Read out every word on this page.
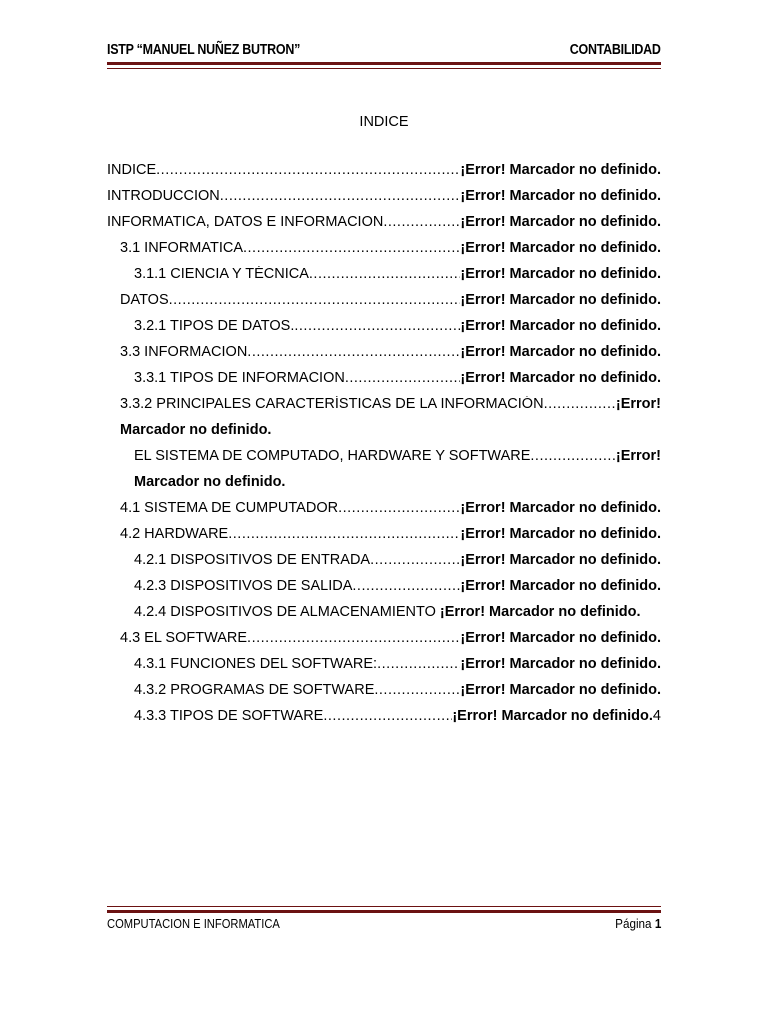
ISTP “MANUEL NUÑEZ BUTRON”	CONTABILIDAD
INDICE
INDICE .....	¡Error! Marcador no definido.
INTRODUCCION .....	¡Error! Marcador no definido.
INFORMATICA, DATOS E INFORMACION .....	¡Error! Marcador no definido.
3.1 INFORMATICA .....	¡Error! Marcador no definido.
3.1.1 CIENCIA Y TÉCNICA .....	¡Error! Marcador no definido.
DATOS .....	¡Error! Marcador no definido.
3.2.1 TIPOS DE DATOS. .....	¡Error! Marcador no definido.
3.3 INFORMACION .....	¡Error! Marcador no definido.
3.3.1 TIPOS DE INFORMACION .....	¡Error! Marcador no definido.
3.3.2 PRINCIPALES CARACTERÍSTICAS DE LA INFORMACIÓN .....	¡Error!
Marcador no definido.
EL SISTEMA DE COMPUTADO, HARDWARE Y SOFTWARE .....	¡Error!
Marcador no definido.
4.1 SISTEMA DE CUMPUTADOR .....	¡Error! Marcador no definido.
4.2 HARDWARE .....	¡Error! Marcador no definido.
4.2.1 DISPOSITIVOS DE ENTRADA .....	¡Error! Marcador no definido.
4.2.3 DISPOSITIVOS DE SALIDA .....	¡Error! Marcador no definido.
4.2.4 DISPOSITIVOS DE ALMACENAMIENTO ¡Error! Marcador no definido.
4.3 EL SOFTWARE .....	¡Error! Marcador no definido.
4.3.1 FUNCIONES DEL SOFTWARE: .....	¡Error! Marcador no definido.
4.3.2 PROGRAMAS DE SOFTWARE .....	¡Error! Marcador no definido.
4.3.3 TIPOS DE SOFTWARE .....	¡Error! Marcador no definido. 4
COMPUTACION E INFORMATICA	Página 1
